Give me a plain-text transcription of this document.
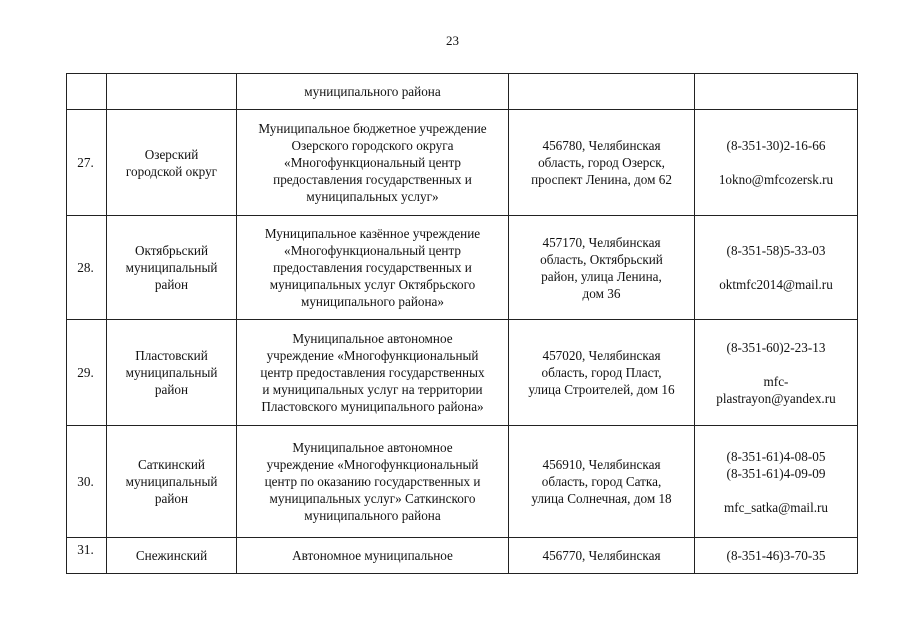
23

		муниципального района		

27.	Озерский
городской округ	Муниципальное бюджетное учреждение
Озерского городского округа
«Многофункциональный центр
предоставления государственных и
муниципальных услуг»	456780, Челябинская
область, город Озерск,
проспект Ленина, дом 62	(8-351-30)2-16-66
1okno@mfcozersk.ru

28.	Октябрьский
муниципальный
район	Муниципальное казённое учреждение
«Многофункциональный центр
предоставления государственных и
муниципальных услуг Октябрьского
муниципального района»	457170, Челябинская
область, Октябрьский
район, улица Ленина,
дом 36	(8-351-58)5-33-03
oktmfc2014@mail.ru

29.	Пластовский
муниципальный
район	Муниципальное автономное
учреждение «Многофункциональный
центр предоставления государственных
и муниципальных услуг на территории
Пластовского муниципального района»	457020, Челябинская
область, город Пласт,
улица Строителей, дом 16	(8-351-60)2-23-13
mfc-
plastrayon@yandex.ru

30.	Саткинский
муниципальный
район	Муниципальное автономное
учреждение «Многофункциональный
центр по оказанию государственных и
муниципальных услуг» Саткинского
муниципального района	456910, Челябинская
область, город Сатка,
улица Солнечная, дом 18	(8-351-61)4-08-05
(8-351-61)4-09-09
mfc_satka@mail.ru

31.	Снежинский	Автономное муниципальное	456770, Челябинская	(8-351-46)3-70-35
